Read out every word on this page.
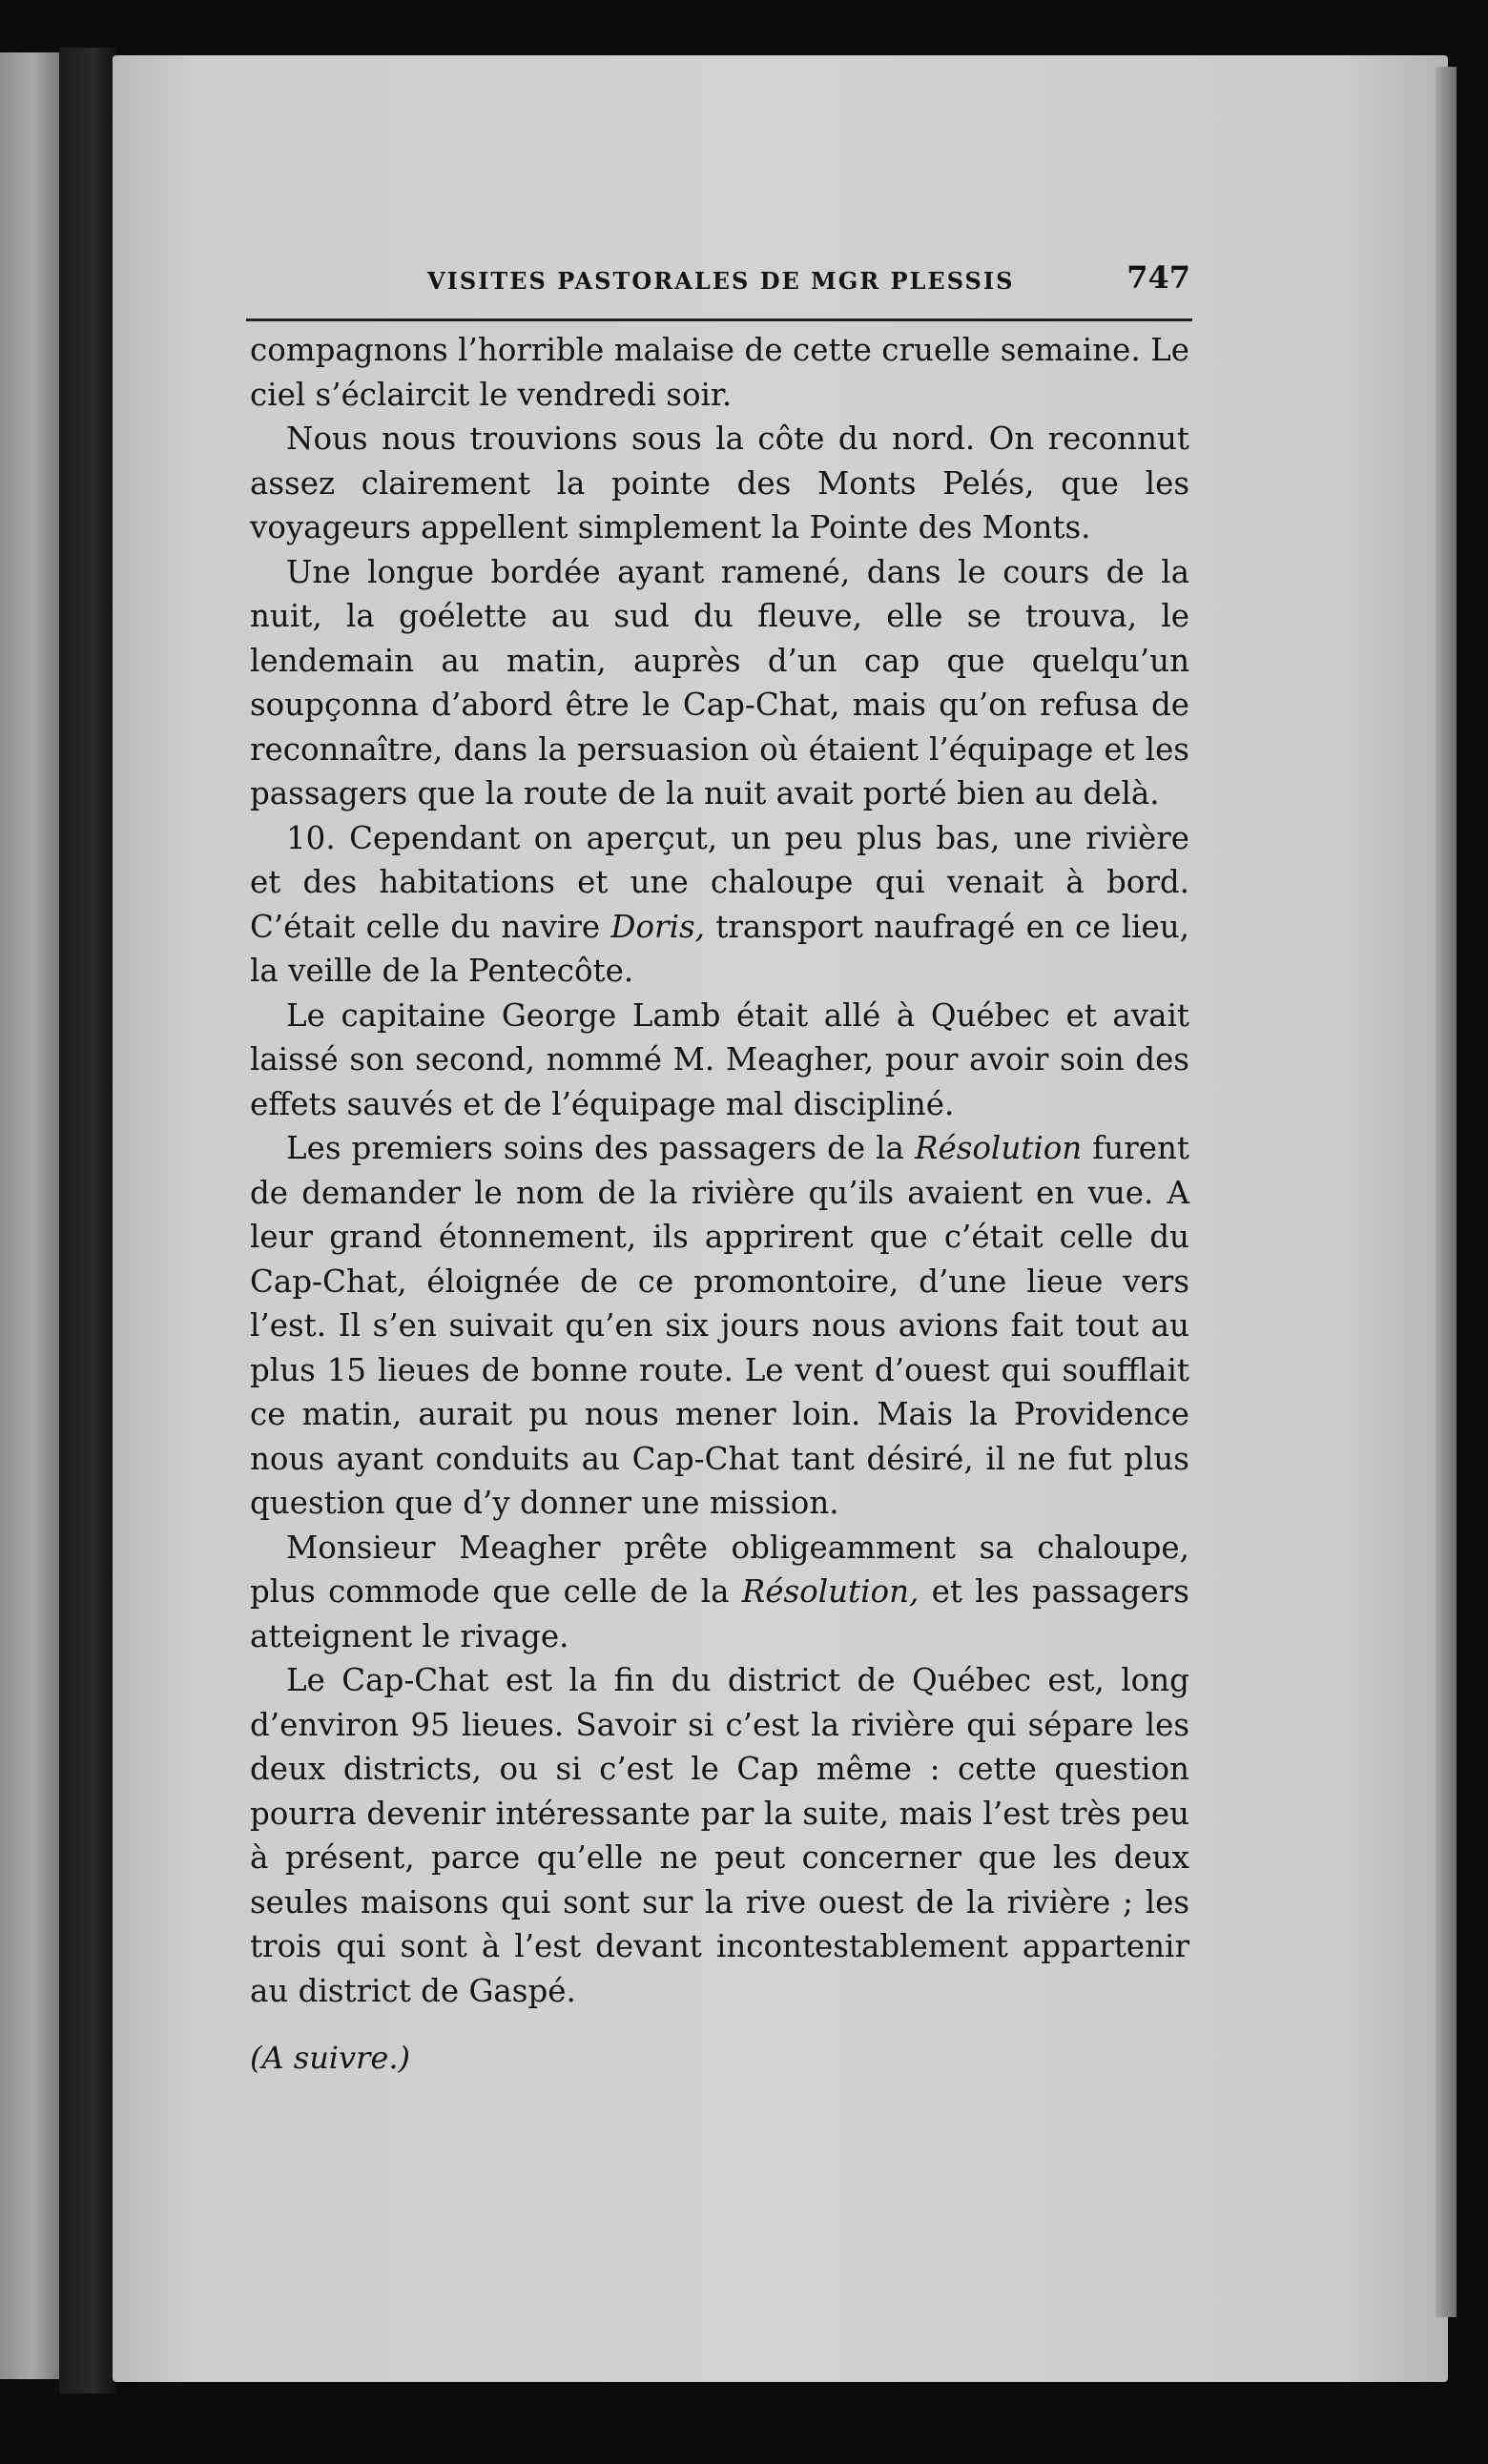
VISITES PASTORALES DE MGR PLESSIS	747

compagnons l’horrible malaise de cette cruelle semaine. Le ciel s’éclaircit le vendredi soir.

Nous nous trouvions sous la côte du nord. On reconnut assez clairement la pointe des Monts Pelés, que les voyageurs appellent simplement la Pointe des Monts.

Une longue bordée ayant ramené, dans le cours de la nuit, la goélette au sud du fleuve, elle se trouva, le lendemain au matin, auprès d’un cap que quelqu’un soupçonna d’abord être le Cap-Chat, mais qu’on refusa de reconnaître, dans la persuasion où étaient l’équipage et les passagers que la route de la nuit avait porté bien au delà.

10. Cependant on aperçut, un peu plus bas, une rivière et des habitations et une chaloupe qui venait à bord. C’était celle du navire Doris, transport naufragé en ce lieu, la veille de la Pentecôte.

Le capitaine George Lamb était allé à Québec et avait laissé son second, nommé M. Meagher, pour avoir soin des effets sauvés et de l’équipage mal discipliné.

Les premiers soins des passagers de la Résolution furent de demander le nom de la rivière qu’ils avaient en vue. A leur grand étonnement, ils apprirent que c’était celle du Cap-Chat, éloignée de ce promontoire, d’une lieue vers l’est. Il s’en suivait qu’en six jours nous avions fait tout au plus 15 lieues de bonne route. Le vent d’ouest qui soufflait ce matin, aurait pu nous mener loin. Mais la Providence nous ayant conduits au Cap-Chat tant désiré, il ne fut plus question que d’y donner une mission.

Monsieur Meagher prête obligeamment sa chaloupe, plus commode que celle de la Résolution, et les passagers atteignent le rivage.

Le Cap-Chat est la fin du district de Québec est, long d’environ 95 lieues. Savoir si c’est la rivière qui sépare les deux districts, ou si c’est le Cap même : cette question pourra devenir intéressante par la suite, mais l’est très peu à présent, parce qu’elle ne peut concerner que les deux seules maisons qui sont sur la rive ouest de la rivière ; les trois qui sont à l’est devant incontestablement appartenir au district de Gaspé.

(A suivre.)
